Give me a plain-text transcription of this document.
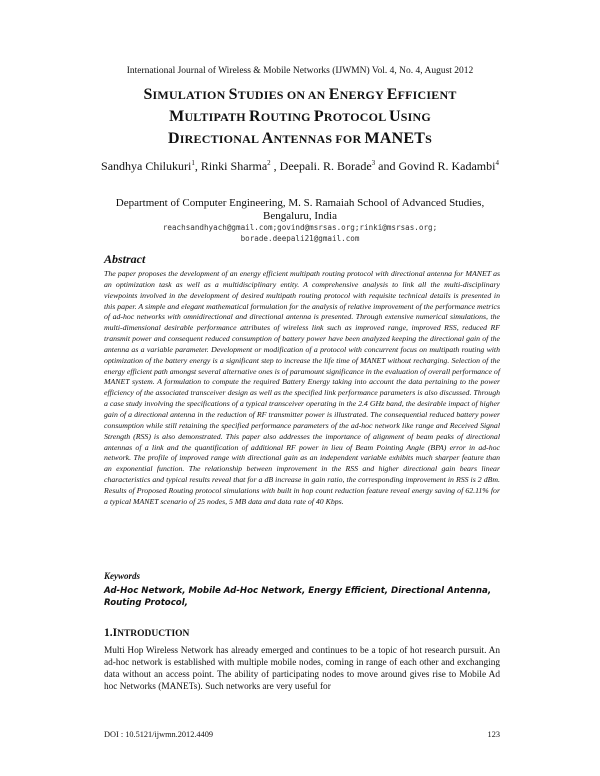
International Journal of Wireless & Mobile Networks (IJWMN) Vol. 4, No. 4, August 2012
SIMULATION STUDIES ON AN ENERGY EFFICIENT
MULTIPATH ROUTING PROTOCOL USING
DIRECTIONAL ANTENNAS FOR MANETS
Sandhya Chilukuri$^1$, Rinki Sharma$^2$ , Deepali. R. Borade$^3$ and Govind R. Kadambi$^4$
Department of Computer Engineering, M. S. Ramaiah School of Advanced Studies,
Bengaluru, India
reachsandhyach@gmail.com;govind@msrsas.org;rinki@msrsas.org;
borade.deepali21@gmail.com
Abstract
The paper proposes the development of an energy efficient multipath routing protocol with directional antenna for MANET as an optimization task as well as a multidisciplinary entity. A comprehensive analysis to link all the multi-disciplinary viewpoints involved in the development of desired multipath routing protocol with requisite technical details is presented in this paper. A simple and elegant mathematical formulation for the analysis of relative improvement of the performance metrics of ad-hoc networks with omnidirectional and directional antenna is presented. Through extensive numerical simulations, the multi-dimensional desirable performance attributes of wireless link such as improved range, improved RSS, reduced RF transmit power and consequent reduced consumption of battery power have been analyzed keeping the directional gain of the antenna as a variable parameter. Development or modification of a protocol with concurrent focus on multipath routing with optimization of the battery energy is a significant step to increase the life time of MANET without recharging. Selection of the energy efficient path amongst several alternative ones is of paramount significance in the evaluation of overall performance of MANET system. A formulation to compute the required Battery Energy taking into account the data pertaining to the power efficiency of the associated transceiver design as well as the specified link performance parameters is also discussed. Through a case study involving the specifications of a typical transceiver operating in the 2.4 GHz band, the desirable impact of higher gain of a directional antenna in the reduction of RF transmitter power is illustrated. The consequential reduced battery power consumption while still retaining the specified performance parameters of the ad-hoc network like range and Received Signal Strength (RSS) is also demonstrated. This paper also addresses the importance of alignment of beam peaks of directional antennas of a link and the quantification of additional RF power in lieu of Beam Pointing Angle (BPA) error in ad-hoc network. The profile of improved range with directional gain as an independent variable exhibits much sharper feature than an exponential function. The relationship between improvement in the RSS and higher directional gain bears linear characteristics and typical results reveal that for a dB increase in gain ratio, the corresponding improvement in RSS is 2 dBm. Results of Proposed Routing protocol simulations with built in hop count reduction feature reveal energy saving of 62.11% for a typical MANET scenario of 25 nodes, 5 MB data and data rate of 40 Kbps.
Keywords
Ad-Hoc Network, Mobile Ad-Hoc Network, Energy Efficient, Directional Antenna, Routing Protocol,
1.INTRODUCTION
Multi Hop Wireless Network has already emerged and continues to be a topic of hot research pursuit. An ad-hoc network is established with multiple mobile nodes, coming in range of each other and exchanging data without an access point. The ability of participating nodes to move around gives rise to Mobile Ad hoc Networks (MANETs). Such networks are very useful for
DOI : 10.5121/ijwmn.2012.4409	123
